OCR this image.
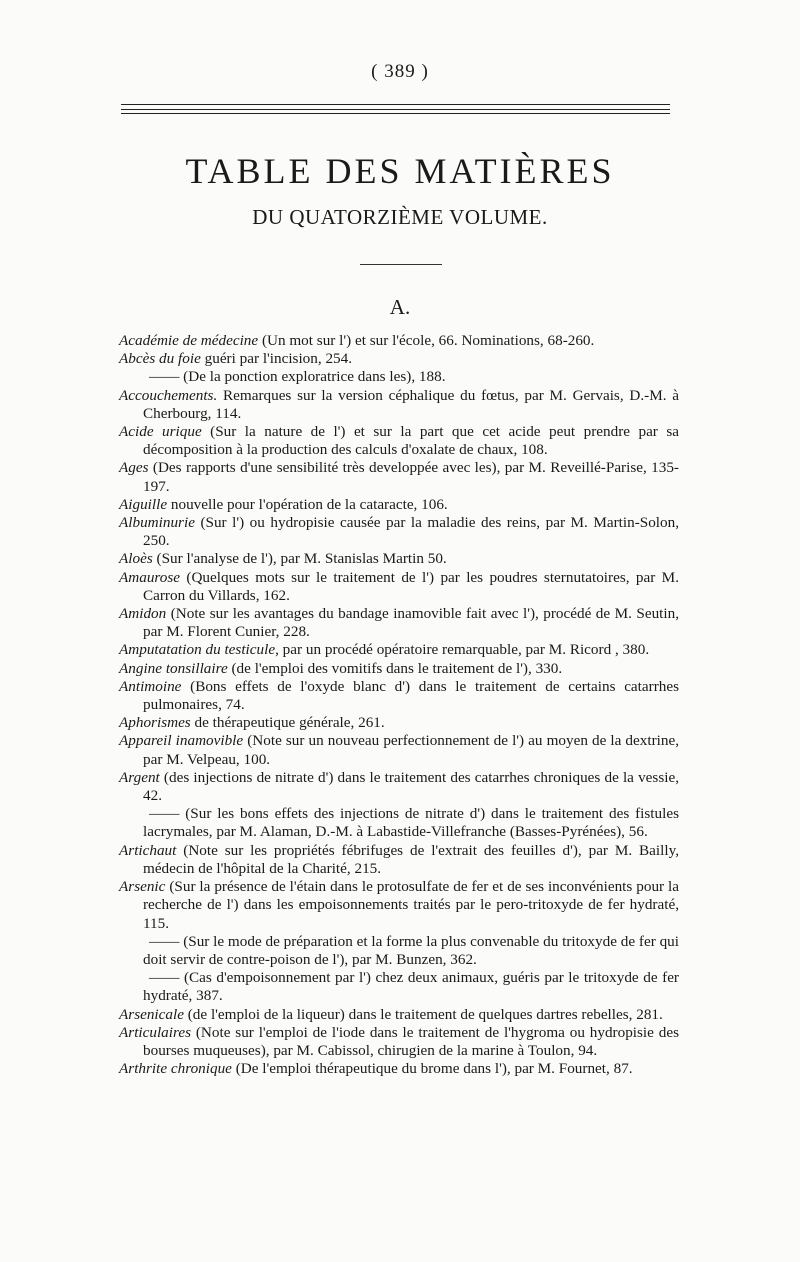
( 389 )
TABLE DES MATIÈRES
DU QUATORZIÈME VOLUME.
A.

Académie de médecine (Un mot sur l') et sur l'école, 66. Nominations, 68-260.

Abcès du foie guéri par l'incision, 254.

—— (De la ponction exploratrice dans les), 188.

Accouchements. Remarques sur la version céphalique du fœtus, par M. Gervais, D.-M. à Cherbourg, 114.

Acide urique (Sur la nature de l') et sur la part que cet acide peut prendre par sa décomposition à la production des calculs d'oxalate de chaux, 108.

Ages (Des rapports d'une sensibilité très developpée avec les), par M. Reveillé-Parise, 135-197.

Aiguille nouvelle pour l'opération de la cataracte, 106.

Albuminurie (Sur l') ou hydropisie causée par la maladie des reins, par M. Martin-Solon, 250.

Aloès (Sur l'analyse de l'), par M. Stanislas Martin 50.

Amaurose (Quelques mots sur le traitement de l') par les poudres sternutatoires, par M. Carron du Villards, 162.

Amidon (Note sur les avantages du bandage inamovible fait avec l'), procédé de M. Seutin, par M. Florent Cunier, 228.

Amputatation du testicule, par un procédé opératoire remarquable, par M. Ricord , 380.

Angine tonsillaire (de l'emploi des vomitifs dans le traitement de l'), 330.

Antimoine (Bons effets de l'oxyde blanc d') dans le traitement de certains catarrhes pulmonaires, 74.

Aphorismes de thérapeutique générale, 261.

Appareil inamovible (Note sur un nouveau perfectionnement de l') au moyen de la dextrine, par M. Velpeau, 100.

Argent (des injections de nitrate d') dans le traitement des catarrhes chroniques de la vessie, 42.

—— (Sur les bons effets des injections de nitrate d') dans le traitement des fistules lacrymales, par M. Alaman, D.-M. à Labastide-Villefranche (Basses-Pyrénées), 56.

Artichaut (Note sur les propriétés fébrifuges de l'extrait des feuilles d'), par M. Bailly, médecin de l'hôpital de la Charité, 215.

Arsenic (Sur la présence de l'étain dans le protosulfate de fer et de ses inconvénients pour la recherche de l') dans les empoisonnements traités par le pero-tritoxyde de fer hydraté, 115.

—— (Sur le mode de préparation et la forme la plus convenable du tritoxyde de fer qui doit servir de contre-poison de l'), par M. Bunzen, 362.

—— (Cas d'empoisonnement par l') chez deux animaux, guéris par le tritoxyde de fer hydraté, 387.

Arsenicale (de l'emploi de la liqueur) dans le traitement de quelques dartres rebelles, 281.

Articulaires (Note sur l'emploi de l'iode dans le traitement de l'hygroma ou hydropisie des bourses muqueuses), par M. Cabissol, chirugien de la marine à Toulon, 94.

Arthrite chronique (De l'emploi thérapeutique du brome dans l'), par M. Fournet, 87.
